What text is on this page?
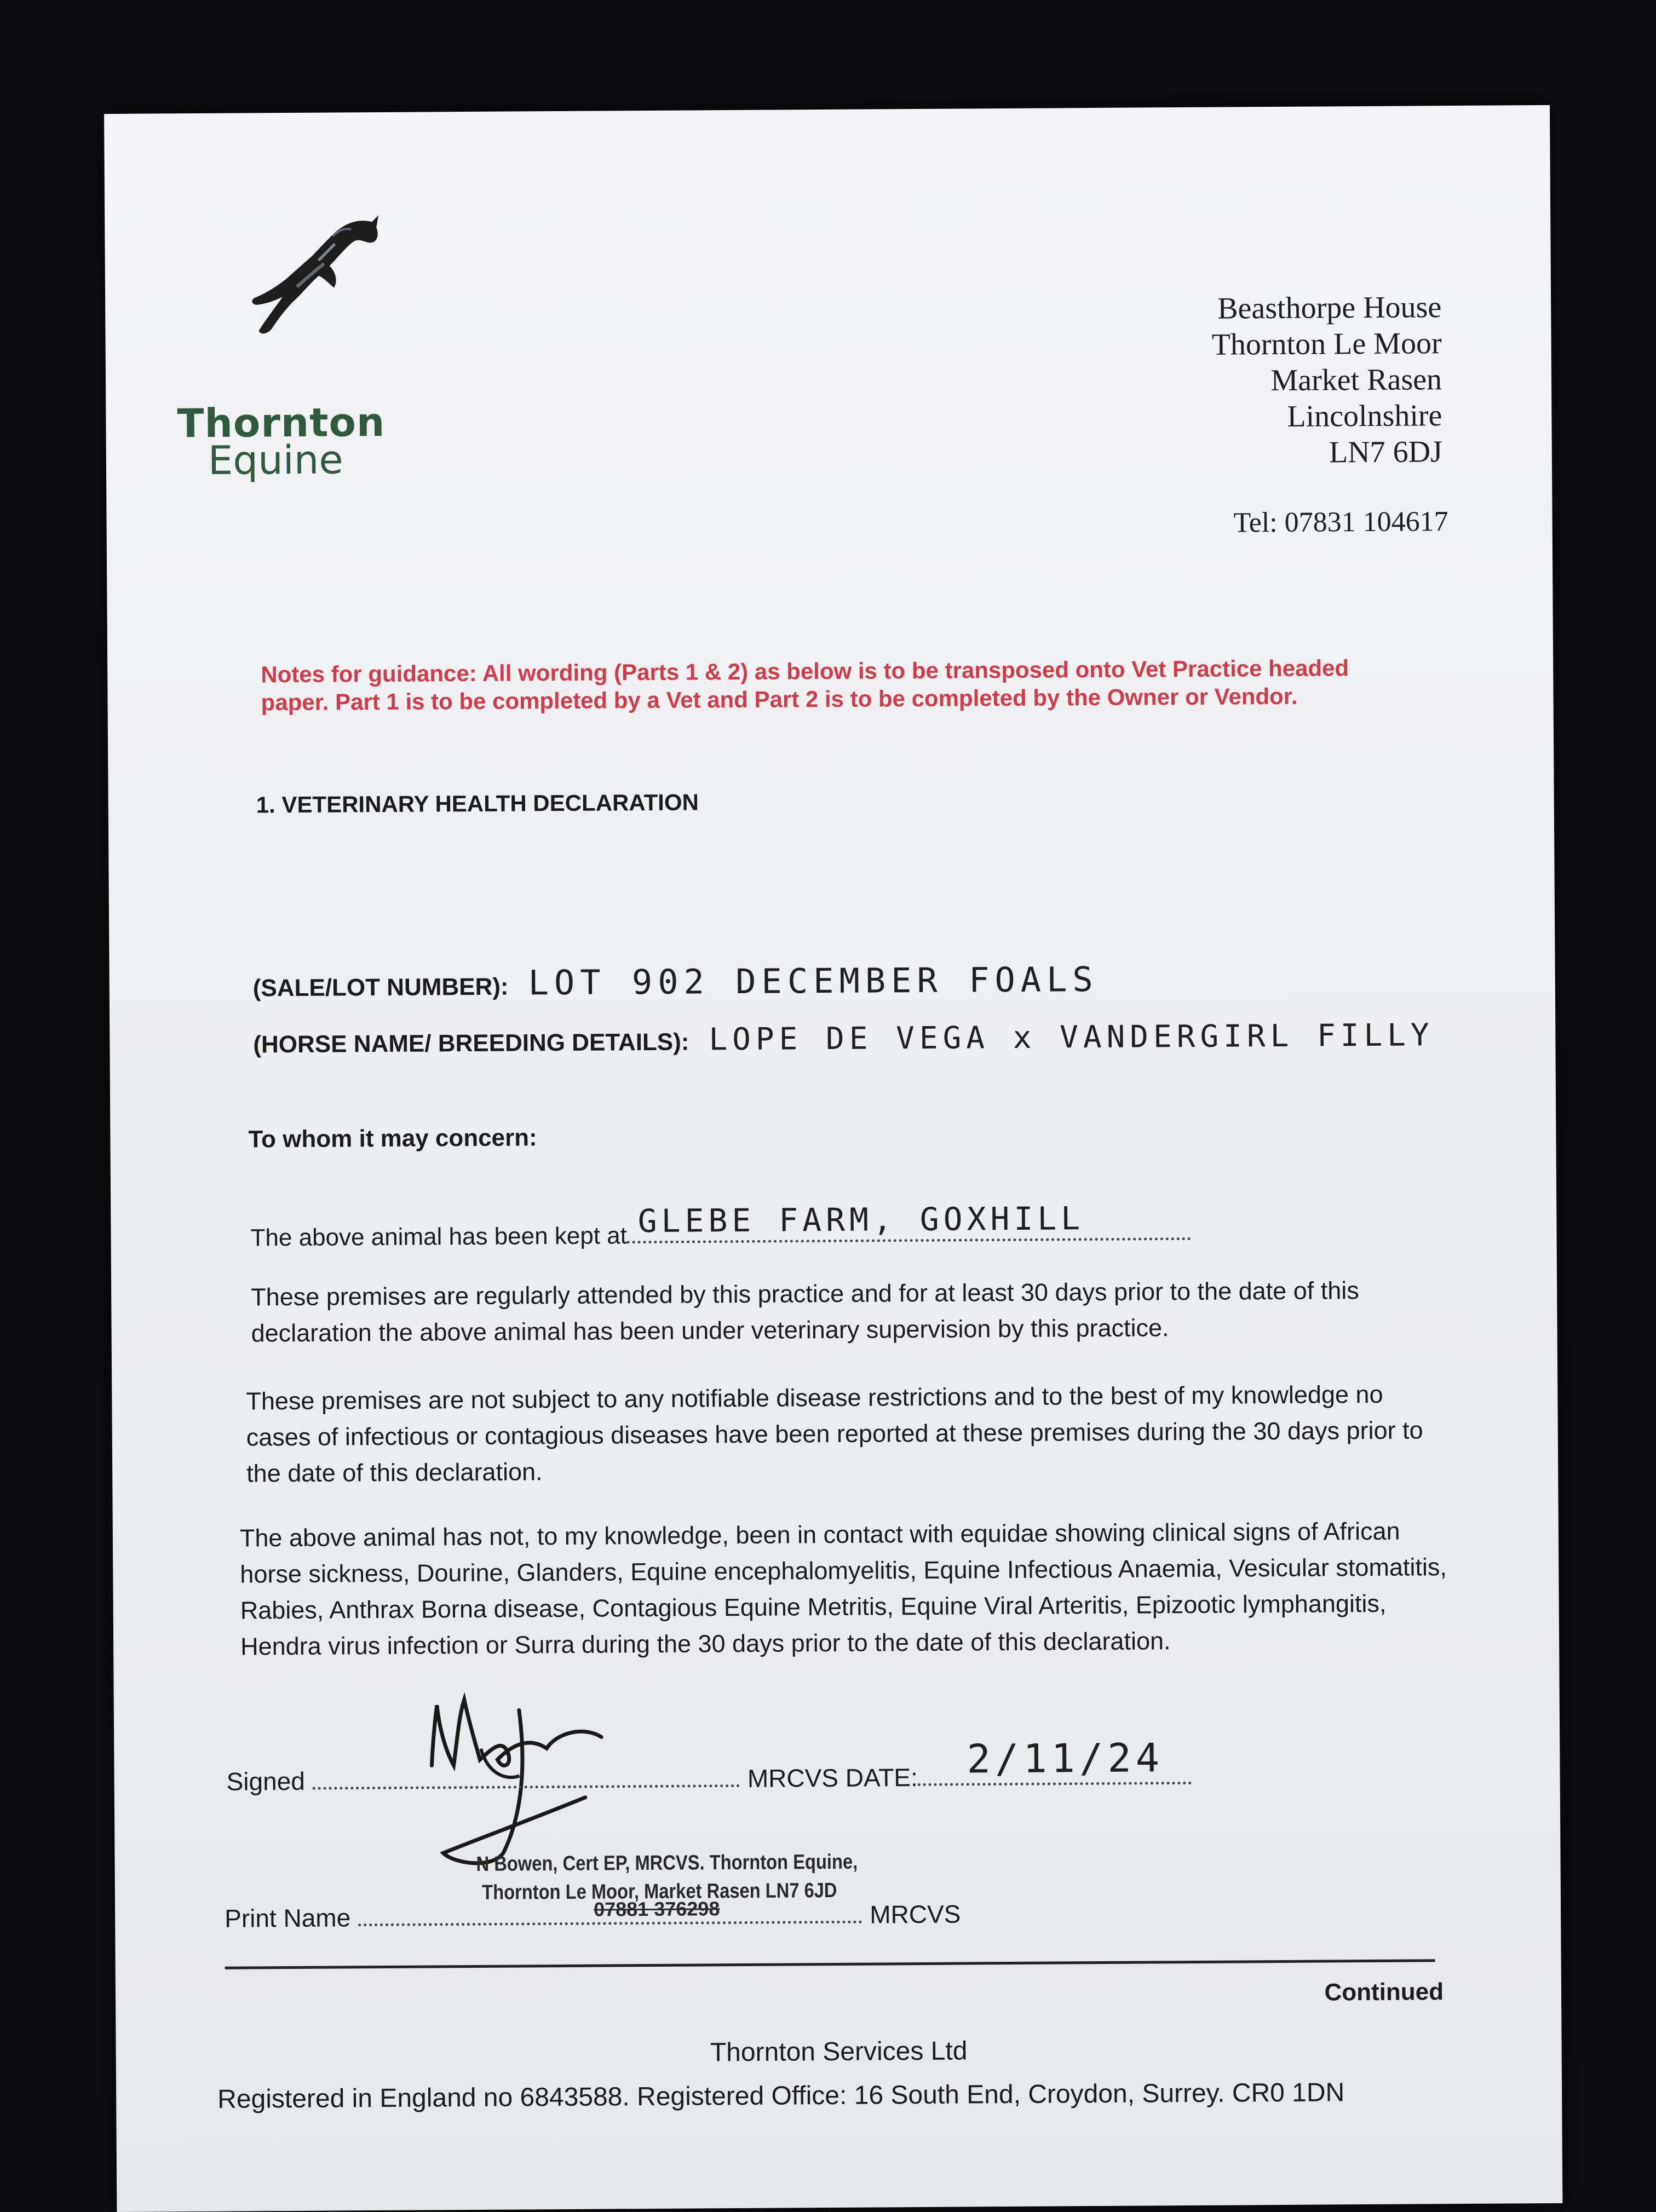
Thornton
Equine
Beasthorpe House
Thornton Le Moor
Market Rasen
Lincolnshire
LN7 6DJ
Tel: 07831 104617
Notes for guidance: All wording (Parts 1 & 2) as below is to be transposed onto Vet Practice headed paper. Part 1 is to be completed by a Vet and Part 2 is to be completed by the Owner or Vendor.
1. VETERINARY HEALTH DECLARATION
(SALE/LOT NUMBER): LOT 902 DECEMBER FOALS
(HORSE NAME/ BREEDING DETAILS): LOPE DE VEGA x VANDERGIRL FILLY
To whom it may concern:
The above animal has been kept at GLEBE FARM, GOXHILL
These premises are regularly attended by this practice and for at least 30 days prior to the date of this declaration the above animal has been under veterinary supervision by this practice.
These premises are not subject to any notifiable disease restrictions and to the best of my knowledge no cases of infectious or contagious diseases have been reported at these premises during the 30 days prior to the date of this declaration.
The above animal has not, to my knowledge, been in contact with equidae showing clinical signs of African horse sickness, Dourine, Glanders, Equine encephalomyelitis, Equine Infectious Anaemia, Vesicular stomatitis, Rabies, Anthrax Borna disease, Contagious Equine Metritis, Equine Viral Arteritis, Epizootic lymphangitis, Hendra virus infection or Surra during the 30 days prior to the date of this declaration.
Signed	MRCVS DATE: 2/11/24
N Bowen, Cert EP, MRCVS. Thornton Equine,
Thornton Le Moor, Market Rasen LN7 6JD
Print Name	07881 376298	MRCVS
Continued
Thornton Services Ltd
Registered in England no 6843588. Registered Office: 16 South End, Croydon, Surrey. CR0 1DN
